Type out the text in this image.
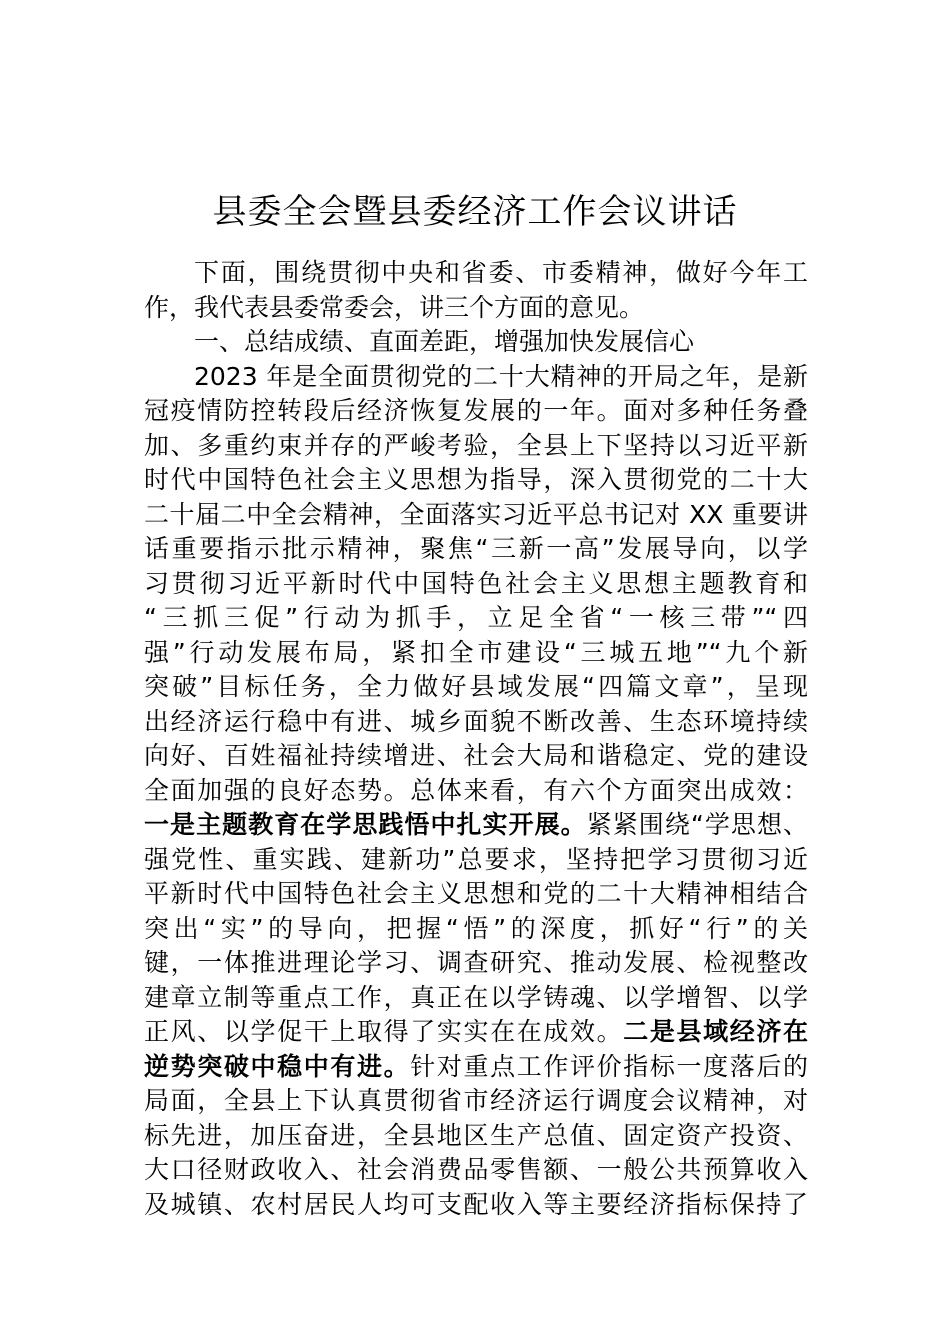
县委全会暨县委经济工作会议讲话
下面，围绕贯彻中央和省委、市委精神，做好今年工
作，我代表县委常委会，讲三个方面的意见。
一、总结成绩、直面差距，增强加快发展信心
2023 年是全面贯彻党的二十大精神的开局之年，是新
冠疫情防控转段后经济恢复发展的一年。面对多种任务叠
加、多重约束并存的严峻考验，全县上下坚持以习近平新
时代中国特色社会主义思想为指导，深入贯彻党的二十大
二十届二中全会精神，全面落实习近平总书记对 XX 重要讲
话重要指示批示精神，聚焦“三新一高”发展导向，以学
习贯彻习近平新时代中国特色社会主义思想主题教育和
“三抓三促”行动为抓手，立足全省“一核三带”“四
强”行动发展布局，紧扣全市建设“三城五地”“九个新
突破”目标任务，全力做好县域发展“四篇文章”，呈现
出经济运行稳中有进、城乡面貌不断改善、生态环境持续
向好、百姓福祉持续增进、社会大局和谐稳定、党的建设
全面加强的良好态势。总体来看，有六个方面突出成效：
一是主题教育在学思践悟中扎实开展。紧紧围绕“学思想、
强党性、重实践、建新功”总要求，坚持把学习贯彻习近
平新时代中国特色社会主义思想和党的二十大精神相结合
突出“实”的导向，把握“悟”的深度，抓好“行”的关
键，一体推进理论学习、调查研究、推动发展、检视整改
建章立制等重点工作，真正在以学铸魂、以学增智、以学
正风、以学促干上取得了实实在在成效。二是县域经济在
逆势突破中稳中有进。针对重点工作评价指标一度落后的
局面，全县上下认真贯彻省市经济运行调度会议精神，对
标先进，加压奋进，全县地区生产总值、固定资产投资、
大口径财政收入、社会消费品零售额、一般公共预算收入
及城镇、农村居民人均可支配收入等主要经济指标保持了
